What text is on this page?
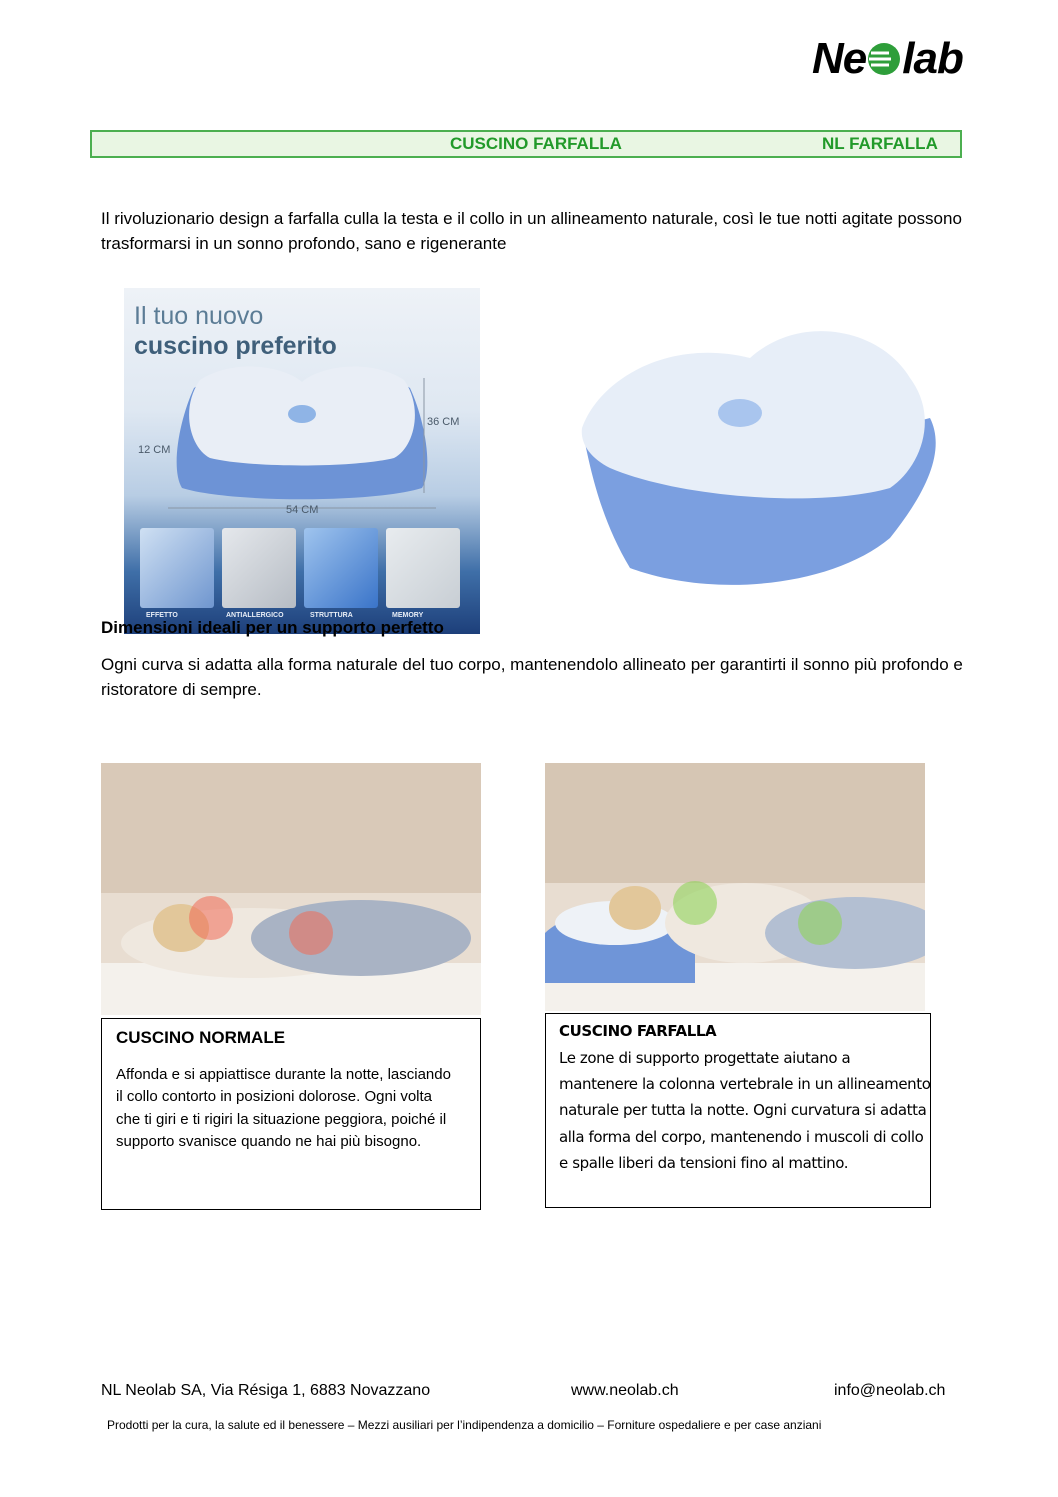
Ne lab
CUSCINO FARFALLA	NL FARFALLA
Il rivoluzionario design a farfalla culla la testa e il collo in un allineamento naturale, così le tue notti agitate possono trasformarsi in un sonno profondo, sano e rigenerante
Il tuo nuovo
cuscino preferito
12 CM
36 CM
54 CM
EFFETTO	ANTIALLERGICO	STRUTTURA	MEMORY
Dimensioni ideali per un supporto perfetto
Ogni curva si adatta alla forma naturale del tuo corpo, mantenendolo allineato per garantirti il sonno più profondo e ristoratore di sempre.
CUSCINO NORMALE
Affonda e si appiattisce durante la notte, lasciando il collo contorto in posizioni dolorose. Ogni volta che ti giri e ti rigiri la situazione peggiora, poiché il supporto svanisce quando ne hai più bisogno.
CUSCINO FARFALLA
Le zone di supporto progettate aiutano a mantenere la colonna vertebrale in un allineamento naturale per tutta la notte. Ogni curvatura si adatta alla forma del corpo, mantenendo i muscoli di collo e spalle liberi da tensioni fino al mattino.
NL Neolab SA, Via Résiga 1, 6883 Novazzano	www.neolab.ch	info@neolab.ch
Prodotti per la cura, la salute ed il benessere – Mezzi ausiliari per l’indipendenza a domicilio – Forniture ospedaliere e per case anziani
